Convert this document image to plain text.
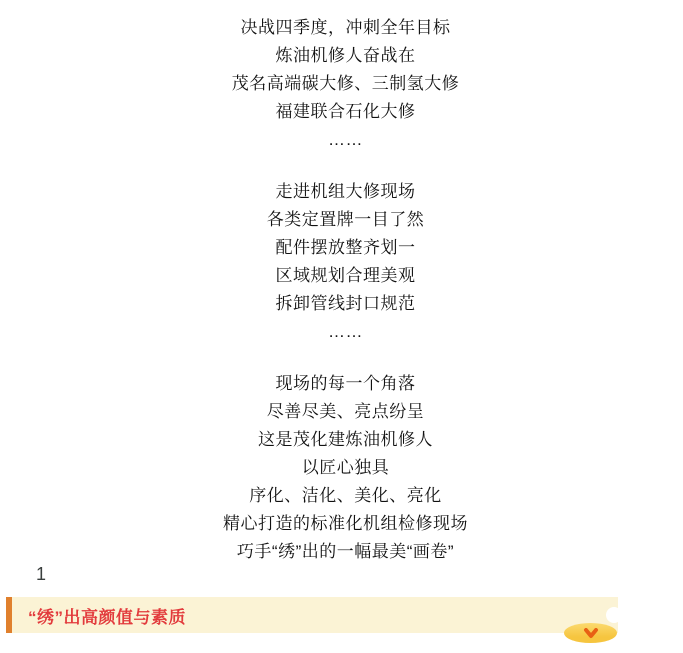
决战四季度，冲刺全年目标
炼油机修人奋战在
茂名高端碳大修、三制氢大修
福建联合石化大修
……
走进机组大修现场
各类定置牌一目了然
配件摆放整齐划一
区域规划合理美观
拆卸管线封口规范
……
现场的每一个角落
尽善尽美、亮点纷呈
这是茂化建炼油机修人
以匠心独具
序化、洁化、美化、亮化
精心打造的标准化机组检修现场
巧手“绣”出的一幅最美“画卷”
1
“绣”出高颜值与素质
